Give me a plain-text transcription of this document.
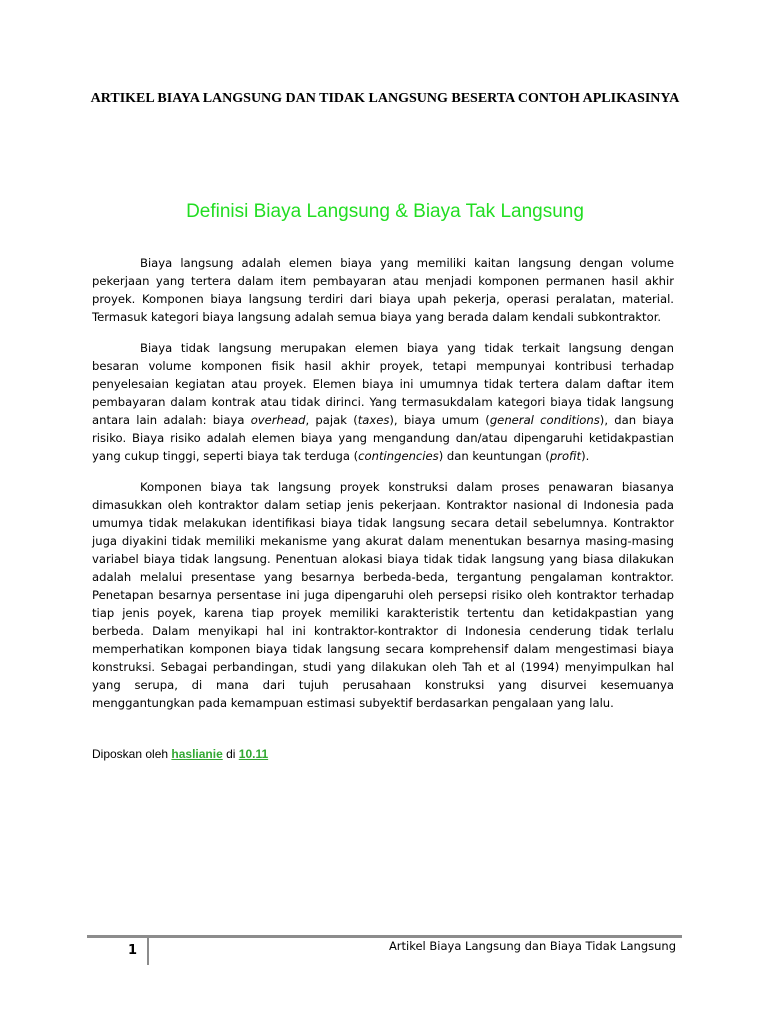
ARTIKEL BIAYA LANGSUNG DAN TIDAK LANGSUNG BESERTA CONTOH APLIKASINYA
Definisi Biaya Langsung & Biaya Tak Langsung

Biaya langsung adalah elemen biaya yang memiliki kaitan langsung dengan volume pekerjaan yang tertera dalam item pembayaran atau menjadi komponen permanen hasil akhir proyek. Komponen biaya langsung terdiri dari biaya upah pekerja, operasi peralatan, material. Termasuk kategori biaya langsung adalah semua biaya yang berada dalam kendali subkontraktor.

Biaya tidak langsung merupakan elemen biaya yang tidak terkait langsung dengan besaran volume komponen fisik hasil akhir proyek, tetapi mempunyai kontribusi terhadap penyelesaian kegiatan atau proyek. Elemen biaya ini umumnya tidak tertera dalam daftar item pembayaran dalam kontrak atau tidak dirinci. Yang termasukdalam kategori biaya tidak langsung antara lain adalah: biaya overhead, pajak (taxes), biaya umum (general conditions), dan biaya risiko. Biaya risiko adalah elemen biaya yang mengandung dan/atau dipengaruhi ketidakpastian yang cukup tinggi, seperti biaya tak terduga (contingencies) dan keuntungan (profit).

Komponen biaya tak langsung proyek konstruksi dalam proses penawaran biasanya dimasukkan oleh kontraktor dalam setiap jenis pekerjaan. Kontraktor nasional di Indonesia pada umumya tidak melakukan identifikasi biaya tidak langsung secara detail sebelumnya. Kontraktor juga diyakini tidak memiliki mekanisme yang akurat dalam menentukan besarnya masing-masing variabel biaya tidak langsung. Penentuan alokasi biaya tidak tidak langsung yang biasa dilakukan adalah melalui presentase yang besarnya berbeda-beda, tergantung pengalaman kontraktor. Penetapan besarnya persentase ini juga dipengaruhi oleh persepsi risiko oleh kontraktor terhadap tiap jenis poyek, karena tiap proyek memiliki karakteristik tertentu dan ketidakpastian yang berbeda. Dalam menyikapi hal ini kontraktor-kontraktor di Indonesia cenderung tidak terlalu memperhatikan komponen biaya tidak langsung secara komprehensif dalam mengestimasi biaya konstruksi. Sebagai perbandingan, studi yang dilakukan oleh Tah et al (1994) menyimpulkan hal yang serupa, di mana dari tujuh perusahaan konstruksi yang disurvei kesemuanya menggantungkan pada kemampuan estimasi subyektif berdasarkan pengalaan yang lalu.

Diposkan oleh haslianie di 10.11
1	Artikel Biaya Langsung dan Biaya Tidak Langsung
